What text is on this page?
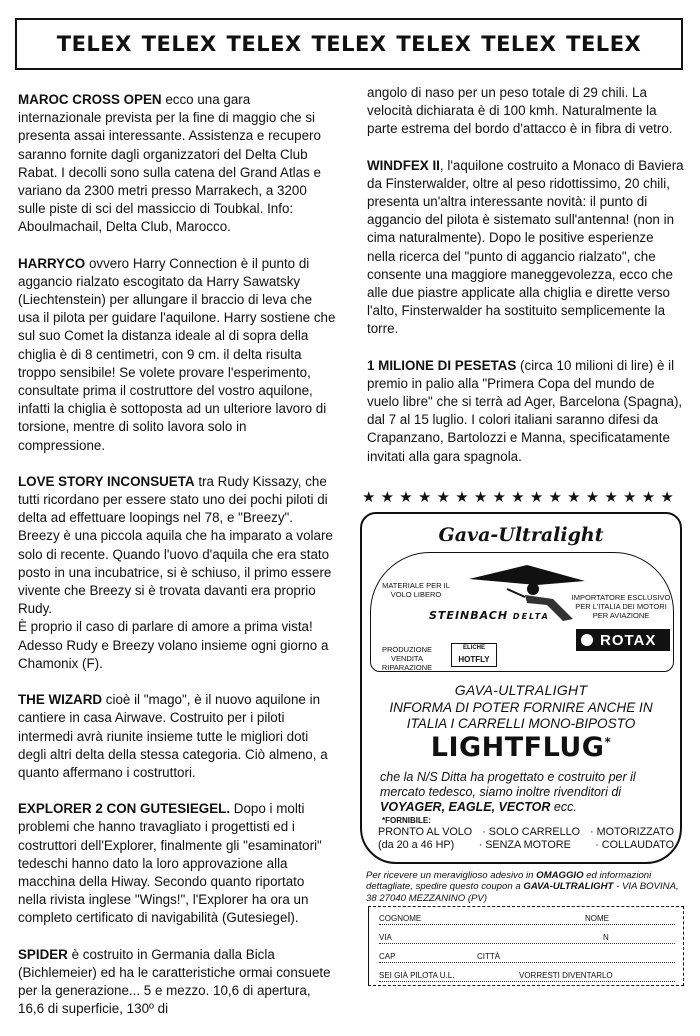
TELEX TELEX TELEX TELEX TELEX TELEX TELEX

MAROC CROSS OPEN ecco una gara internazionale prevista per la fine di maggio che si presenta assai interessante. Assistenza e recupero saranno fornite dagli organizzatori del Delta Club Rabat. I decolli sono sulla catena del Grand Atlas e variano da 2300 metri presso Marrakech, a 3200 sulle piste di sci del massiccio di Toubkal. Info: Aboulmachail, Delta Club, Marocco.

HARRYCO ovvero Harry Connection è il punto di aggancio rialzato escogitato da Harry Sawatsky (Liechtenstein) per allungare il braccio di leva che usa il pilota per guidare l'aquilone. Harry sostiene che sul suo Comet la distanza ideale al di sopra della chiglia è di 8 centimetri, con 9 cm. il delta risulta troppo sensibile! Se volete provare l'esperimento, consultate prima il costruttore del vostro aquilone, infatti la chiglia è sottoposta ad un ulteriore lavoro di torsione, mentre di solito lavora solo in compressione.

LOVE STORY INCONSUETA tra Rudy Kissazy, che tutti ricordano per essere stato uno dei pochi piloti di delta ad effettuare loopings nel 78, e "Breezy".

Breezy è una piccola aquila che ha imparato a volare solo di recente. Quando l'uovo d'aquila che era stato posto in una incubatrice, si è schiuso, il primo essere vivente che Breezy si è trovata davanti era proprio Rudy.

È proprio il caso di parlare di amore a prima vista! Adesso Rudy e Breezy volano insieme ogni giorno a Chamonix (F).

THE WIZARD cioè il "mago", è il nuovo aquilone in cantiere in casa Airwave. Costruito per i piloti intermedi avrà riunite insieme tutte le migliori doti degli altri delta della stessa categoria. Ciò almeno, a quanto affermano i costruttori.

EXPLORER 2 CON GUTESIEGEL. Dopo i molti problemi che hanno travagliato i progettisti ed i costruttori dell'Explorer, finalmente gli "esaminatori" tedeschi hanno dato la loro approvazione alla macchina della Hiway. Secondo quanto riportato nella rivista inglese "Wings!", l'Explorer ha ora un completo certificato di navigabilità (Gutesiegel).

SPIDER è costruito in Germania dalla Bicla (Bichlemeier) ed ha le caratteristiche ormai consuete per la generazione... 5 e mezzo. 10,6 di apertura, 16,6 di superficie, 130º di

angolo di naso per un peso totale di 29 chili. La velocità dichiarata è di 100 kmh. Naturalmente la parte estrema del bordo d'attacco è in fibra di vetro.

WINDFEX II, l'aquilone costruito a Monaco di Baviera da Finsterwalder, oltre al peso ridottissimo, 20 chili, presenta un'altra interessante novità: il punto di aggancio del pilota è sistemato sull'antenna! (non in cima naturalmente). Dopo le positive esperienze nella ricerca del "punto di aggancio rialzato", che consente una maggiore maneggevolezza, ecco che alle due piastre applicate alla chiglia e dirette verso l'alto, Finsterwalder ha sostituito semplicemente la torre.

1 MILIONE DI PESETAS (circa 10 milioni di lire) è il premio in palio alla "Primera Copa del mundo de vuelo libre" che si terrà ad Ager, Barcelona (Spagna), dal 7 al 15 luglio. I colori italiani saranno difesi da Crapanzano, Bartolozzi e Manna, specificatamente invitati alla gara spagnola.

★★★★★★★★★★★★★★★★★
Gava-Ultralight
MATERIALE PER IL VOLO LIBERO
STEINBACH DELTA
IMPORTATORE ESCLUSIVO PER L'ITALIA DEI MOTORI PER AVIAZIONE
ROTAX
PRODUZIONE VENDITA RIPARAZIONE
ELICHE
HOTFLY
GAVA-ULTRALIGHT
INFORMA DI POTER FORNIRE ANCHE IN ITALIA I CARRELLI MONO-BIPOSTO
LIGHTFLUG*
che la N/S Ditta ha progettato e costruito per il mercato tedesco, siamo inoltre rivenditori di VOYAGER, EAGLE, VECTOR ecc.
*FORNIBILE:
PRONTO AL VOLO · SOLO CARRELLO · MOTORIZZATO
(da 20 a 46 HP) · SENZA MOTORE · COLLAUDATO
Per ricevere un meraviglioso adesivo in OMAGGIO ed informazioni dettagliate, spedire questo coupon a GAVA-ULTRALIGHT - VIA BOVINA, 38 27040 MEZZANINO (PV)
COGNOME	NOME
VIA	N
CAP	CITTÀ
SEI GIÀ PILOTA U.L.	VORRESTI DIVENTARLO
